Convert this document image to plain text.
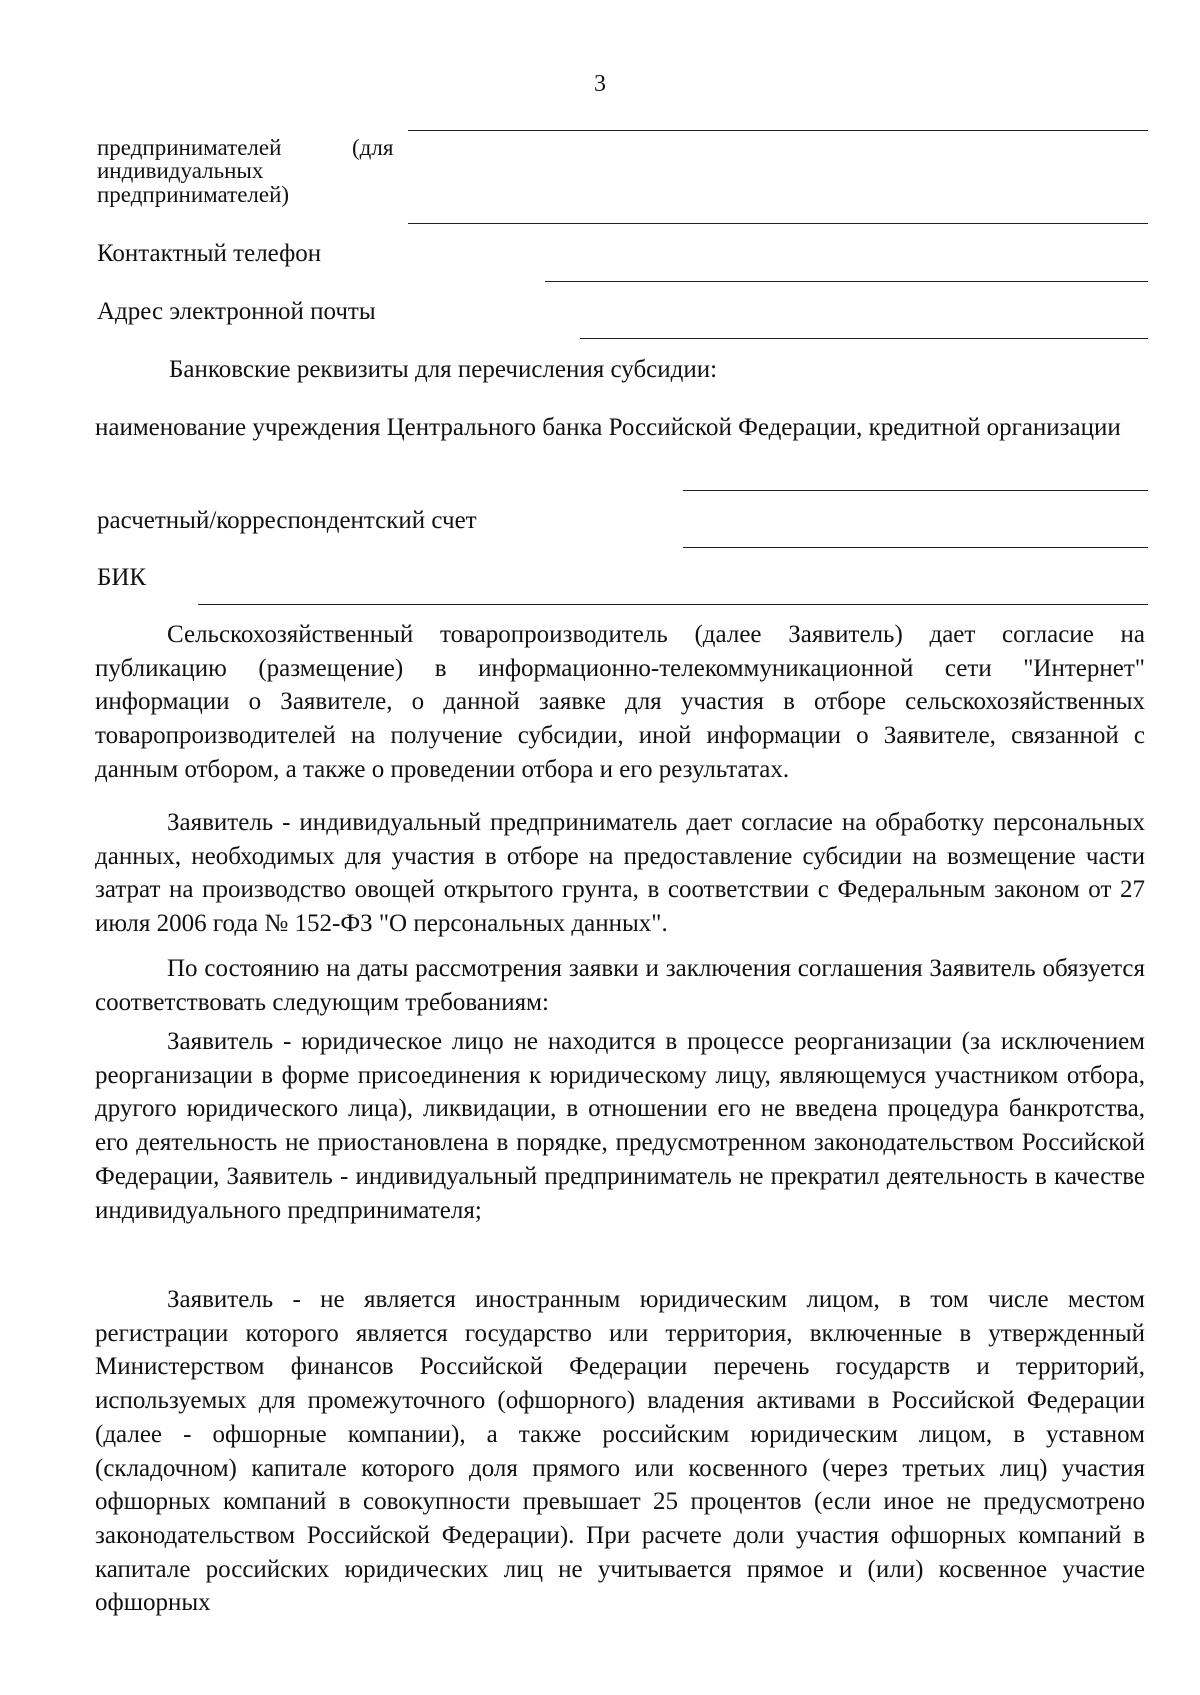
3
предпринимателей	(для
индивидуальных
предпринимателей)
Контактный телефон
Адрес электронной почты
Банковские реквизиты для перечисления субсидии:

наименование учреждения Центрального банка Российской Федерации, кредитной организации

расчетный/корреспондентский счет
БИК

Сельскохозяйственный товаропроизводитель (далее Заявитель) дает согласие на публикацию (размещение) в информационно-телекоммуникационной сети "Интернет" информации о Заявителе, о данной заявке для участия в отборе сельскохозяйственных товаропроизводителей на получение субсидии, иной информации о Заявителе, связанной с данным отбором, а также о проведении отбора и его результатах.

Заявитель - индивидуальный предприниматель дает согласие на обработку персональных данных, необходимых для участия в отборе на предоставление субсидии на возмещение части затрат на производство овощей открытого грунта, в соответствии с Федеральным законом от 27 июля 2006 года № 152-ФЗ "О персональных данных".

По состоянию на даты рассмотрения заявки и заключения соглашения Заявитель обязуется соответствовать следующим требованиям:

Заявитель - юридическое лицо не находится в процессе реорганизации (за исключением реорганизации в форме присоединения к юридическому лицу, являющемуся участником отбора, другого юридического лица), ликвидации, в отношении его не введена процедура банкротства, его деятельность не приостановлена в порядке, предусмотренном законодательством Российской Федерации, Заявитель - индивидуальный предприниматель не прекратил деятельность в качестве индивидуального предпринимателя;

Заявитель - не является иностранным юридическим лицом, в том числе местом регистрации которого является государство или территория, включенные в утвержденный Министерством финансов Российской Федерации перечень государств и территорий, используемых для промежуточного (офшорного) владения активами в Российской Федерации (далее - офшорные компании), а также российским юридическим лицом, в уставном (складочном) капитале которого доля прямого или косвенного (через третьих лиц) участия офшорных компаний в совокупности превышает 25 процентов (если иное не предусмотрено законодательством Российской Федерации). При расчете доли участия офшорных компаний в капитале российских юридических лиц не учитывается прямое и (или) косвенное участие офшорных
